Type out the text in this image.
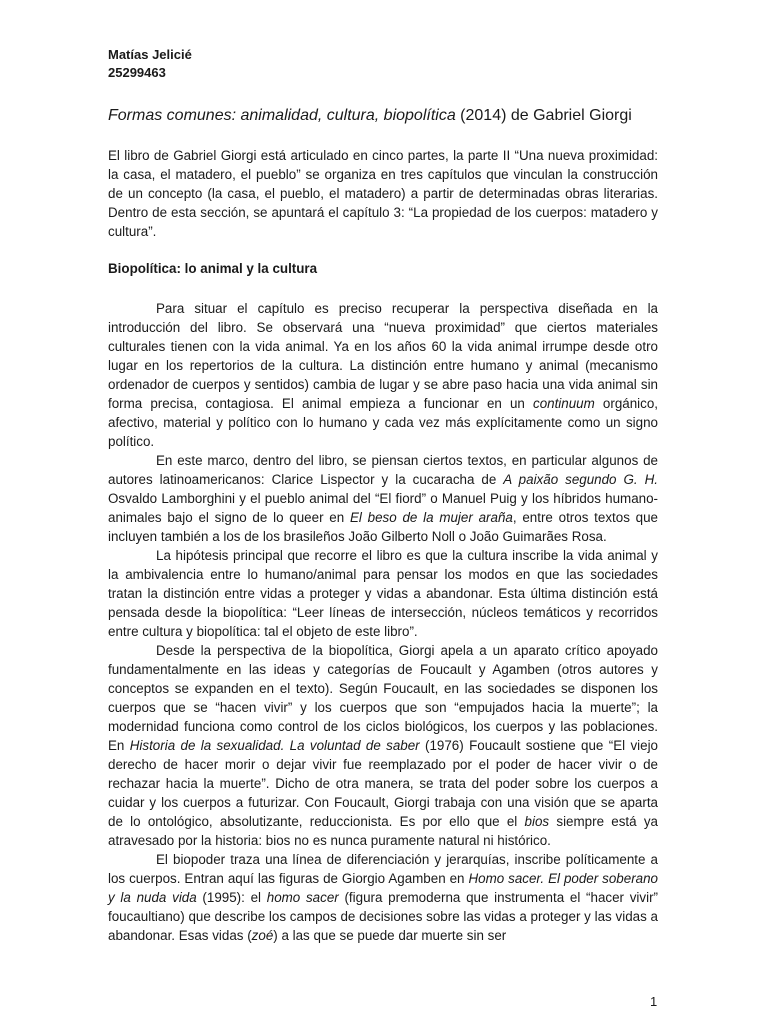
Matías Jelicié
25299463
Formas comunes: animalidad, cultura, biopolítica (2014) de Gabriel Giorgi

El libro de Gabriel Giorgi está articulado en cinco partes, la parte II “Una nueva proximidad: la casa, el matadero, el pueblo” se organiza en tres capítulos que vinculan la construcción de un concepto (la casa, el pueblo, el matadero) a partir de determinadas obras literarias. Dentro de esta sección, se apuntará el capítulo 3: “La propiedad de los cuerpos: matadero y cultura”.

Biopolítica: lo animal y la cultura

Para situar el capítulo es preciso recuperar la perspectiva diseñada en la introducción del libro. Se observará una “nueva proximidad” que ciertos materiales culturales tienen con la vida animal. Ya en los años 60 la vida animal irrumpe desde otro lugar en los repertorios de la cultura. La distinción entre humano y animal (mecanismo ordenador de cuerpos y sentidos) cambia de lugar y se abre paso hacia una vida animal sin forma precisa, contagiosa. El animal empieza a funcionar en un continuum orgánico, afectivo, material y político con lo humano y cada vez más explícitamente como un signo político.

En este marco, dentro del libro, se piensan ciertos textos, en particular algunos de autores latinoamericanos: Clarice Lispector y la cucaracha de A paixão segundo G. H. Osvaldo Lamborghini y el pueblo animal del “El fiord” o Manuel Puig y los híbridos humano-animales bajo el signo de lo queer en El beso de la mujer araña, entre otros textos que incluyen también a los de los brasileños João Gilberto Noll o João Guimarães Rosa.

La hipótesis principal que recorre el libro es que la cultura inscribe la vida animal y la ambivalencia entre lo humano/animal para pensar los modos en que las sociedades tratan la distinción entre vidas a proteger y vidas a abandonar. Esta última distinción está pensada desde la biopolítica: “Leer líneas de intersección, núcleos temáticos y recorridos entre cultura y biopolítica: tal el objeto de este libro”.

Desde la perspectiva de la biopolítica, Giorgi apela a un aparato crítico apoyado fundamentalmente en las ideas y categorías de Foucault y Agamben (otros autores y conceptos se expanden en el texto). Según Foucault, en las sociedades se disponen los cuerpos que se “hacen vivir” y los cuerpos que son “empujados hacia la muerte”; la modernidad funciona como control de los ciclos biológicos, los cuerpos y las poblaciones. En Historia de la sexualidad. La voluntad de saber (1976) Foucault sostiene que “El viejo derecho de hacer morir o dejar vivir fue reemplazado por el poder de hacer vivir o de rechazar hacia la muerte”. Dicho de otra manera, se trata del poder sobre los cuerpos a cuidar y los cuerpos a futurizar. Con Foucault, Giorgi trabaja con una visión que se aparta de lo ontológico, absolutizante, reduccionista. Es por ello que el bios siempre está ya atravesado por la historia: bios no es nunca puramente natural ni histórico.

El biopoder traza una línea de diferenciación y jerarquías, inscribe políticamente a los cuerpos. Entran aquí las figuras de Giorgio Agamben en Homo sacer. El poder soberano y la nuda vida (1995): el homo sacer (figura premoderna que instrumenta el “hacer vivir” foucaultiano) que describe los campos de decisiones sobre las vidas a proteger y las vidas a abandonar. Esas vidas (zoé) a las que se puede dar muerte sin ser

1
